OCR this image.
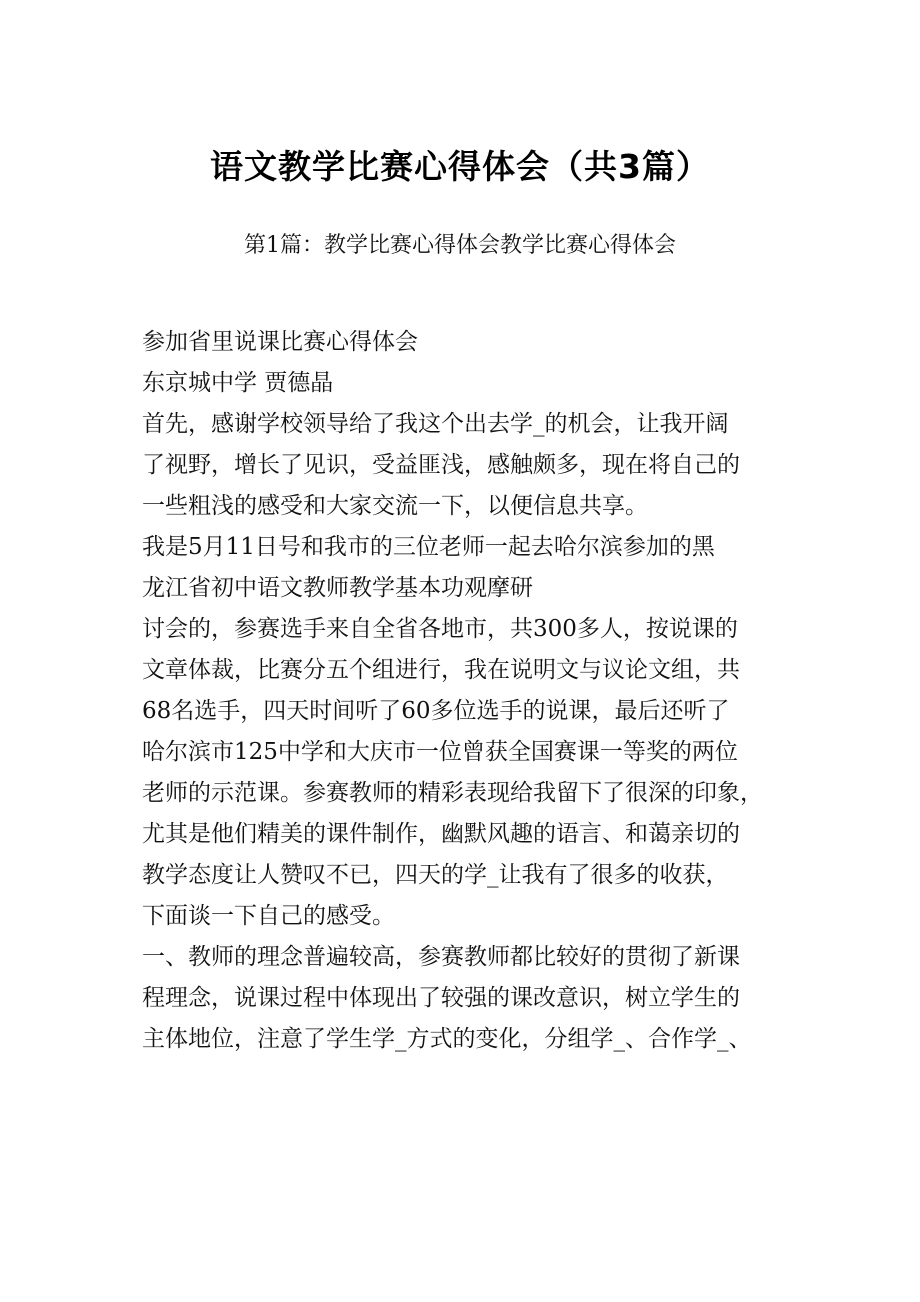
语文教学比赛心得体会（共3篇）
第1篇：教学比赛心得体会教学比赛心得体会
参加省里说课比赛心得体会
东京城中学 贾德晶
首先，感谢学校领导给了我这个出去学_的机会，让我开阔
了视野，增长了见识，受益匪浅，感触颇多，现在将自己的
一些粗浅的感受和大家交流一下，以便信息共享。
我是5月11日号和我市的三位老师一起去哈尔滨参加的黑
龙江省初中语文教师教学基本功观摩研
讨会的，参赛选手来自全省各地市，共300多人，按说课的
文章体裁，比赛分五个组进行，我在说明文与议论文组，共
68名选手，四天时间听了60多位选手的说课，最后还听了
哈尔滨市125中学和大庆市一位曾获全国赛课一等奖的两位
老师的示范课。参赛教师的精彩表现给我留下了很深的印象，
尤其是他们精美的课件制作，幽默风趣的语言、和蔼亲切的
教学态度让人赞叹不已，四天的学_让我有了很多的收获，
下面谈一下自己的感受。
一、教师的理念普遍较高，参赛教师都比较好的贯彻了新课
程理念，说课过程中体现出了较强的课改意识，树立学生的
主体地位，注意了学生学_方式的变化，分组学_、合作学_、
